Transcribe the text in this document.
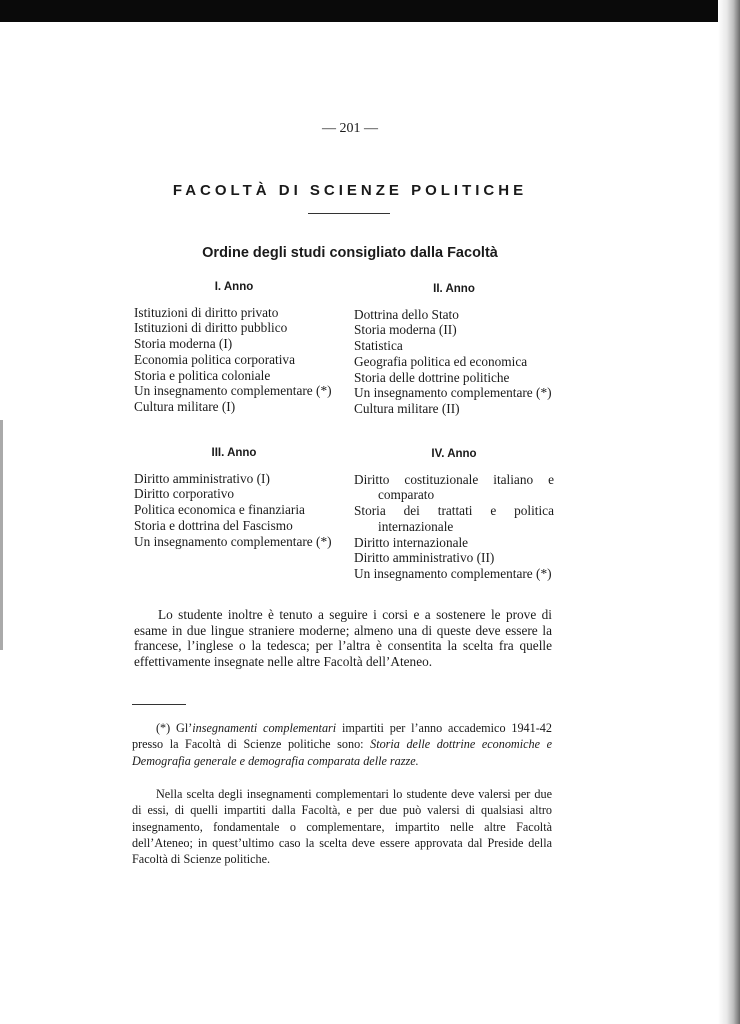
— 201 —
FACOLTÀ DI SCIENZE POLITICHE
Ordine degli studi consigliato dalla Facoltà
I. Anno
Istituzioni di diritto privato
Istituzioni di diritto pubblico
Storia moderna (I)
Economia politica corporativa
Storia e politica coloniale
Un insegnamento complementare (*)
Cultura militare (I)
II. Anno
Dottrina dello Stato
Storia moderna (II)
Statistica
Geografia politica ed economica
Storia delle dottrine politiche
Un insegnamento complementare (*)
Cultura militare (II)
III. Anno
Diritto amministrativo (I)
Diritto corporativo
Politica economica e finanziaria
Storia e dottrina del Fascismo
Un insegnamento complementare (*)
IV. Anno
Diritto costituzionale italiano e comparato
Storia dei trattati e politica internazionale
Diritto internazionale
Diritto amministrativo (II)
Un insegnamento complementare (*)

Lo studente inoltre è tenuto a seguire i corsi e a sostenere le prove di esame in due lingue straniere moderne; almeno una di queste deve essere la francese, l’inglese o la tedesca; per l’altra è consentita la scelta fra quelle effettivamente insegnate nelle altre Facoltà dell’Ateneo.

(*) Gl’insegnamenti complementari impartiti per l’anno accademico 1941-42 presso la Facoltà di Scienze politiche sono: Storia delle dottrine economiche e Demografia generale e demografia comparata delle razze.

Nella scelta degli insegnamenti complementari lo studente deve valersi per due di essi, di quelli impartiti dalla Facoltà, e per due può valersi di qualsiasi altro insegnamento, fondamentale o complementare, impartito nelle altre Facoltà dell’Ateneo; in quest’ultimo caso la scelta deve essere approvata dal Preside della Facoltà di Scienze politiche.
